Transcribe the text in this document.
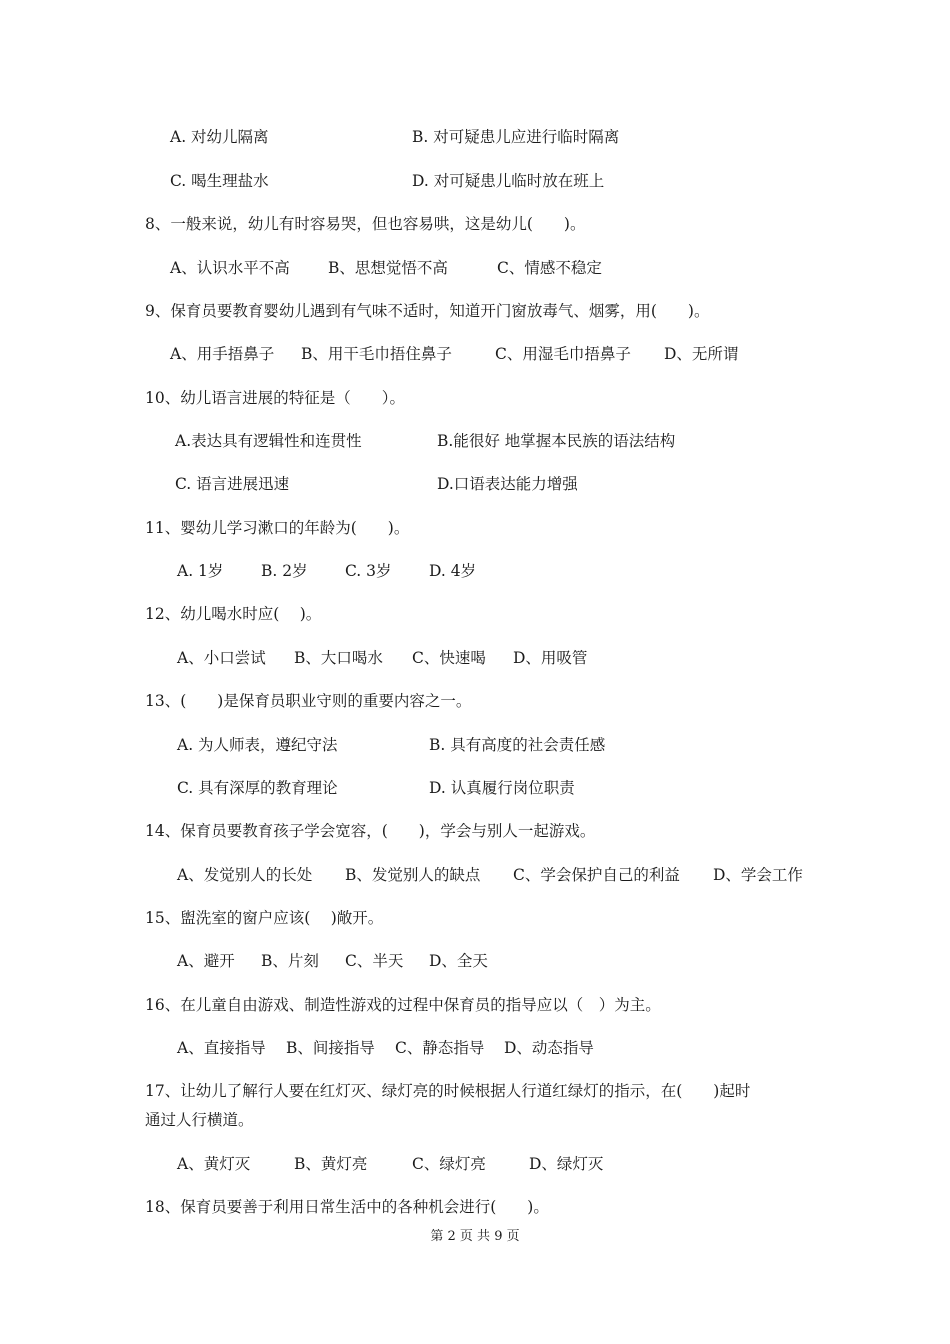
A. 对幼儿隔离	B. 对可疑患儿应进行临时隔离
C. 喝生理盐水	D. 对可疑患儿临时放在班上
8、一般来说，幼儿有时容易哭，但也容易哄，这是幼儿(　　)。
A、认识水平不高 B、思想觉悟不高	C、情感不稳定
9、保育员要教育婴幼儿遇到有气味不适时，知道开门窗放毒气、烟雾，用(　　)。
A、用手捂鼻子 B、用干毛巾捂住鼻子	C、用湿毛巾捂鼻子 D、无所谓
10、幼儿语言进展的特征是（　　）。
A.表达具有逻辑性和连贯性	B.能很好 地掌握本民族的语法结构
C. 语言进展迅速	D.口语表达能力增强
11、婴幼儿学习漱口的年龄为(　　)。
A. 1岁 B. 2岁 C. 3岁 D. 4岁
12、幼儿喝水时应(　 )。
A、小口尝试 B、大口喝水 C、快速喝 D、用吸管
13、(　　)是保育员职业守则的重要内容之一。
A. 为人师表，遵纪守法	B. 具有高度的社会责任感
C. 具有深厚的教育理论	D. 认真履行岗位职责
14、保育员要教育孩子学会宽容，(　　)，学会与别人一起游戏。
A、发觉别人的长处 B、发觉别人的缺点 C、学会保护自己的利益 D、学会工作
15、盥洗室的窗户应该(　 )敞开。
A、避开 B、片刻 C、半天 D、全天
16、在儿童自由游戏、制造性游戏的过程中保育员的指导应以（　）为主。
A、直接指导 B、间接指导 C、静态指导 D、动态指导
17、让幼儿了解行人要在红灯灭、绿灯亮的时候根据人行道红绿灯的指示，在(　　)起时
通过人行横道。
A、黄灯灭	B、黄灯亮	C、绿灯亮	D、绿灯灭
18、保育员要善于利用日常生活中的各种机会进行(　　)。
第 2 页 共 9 页
